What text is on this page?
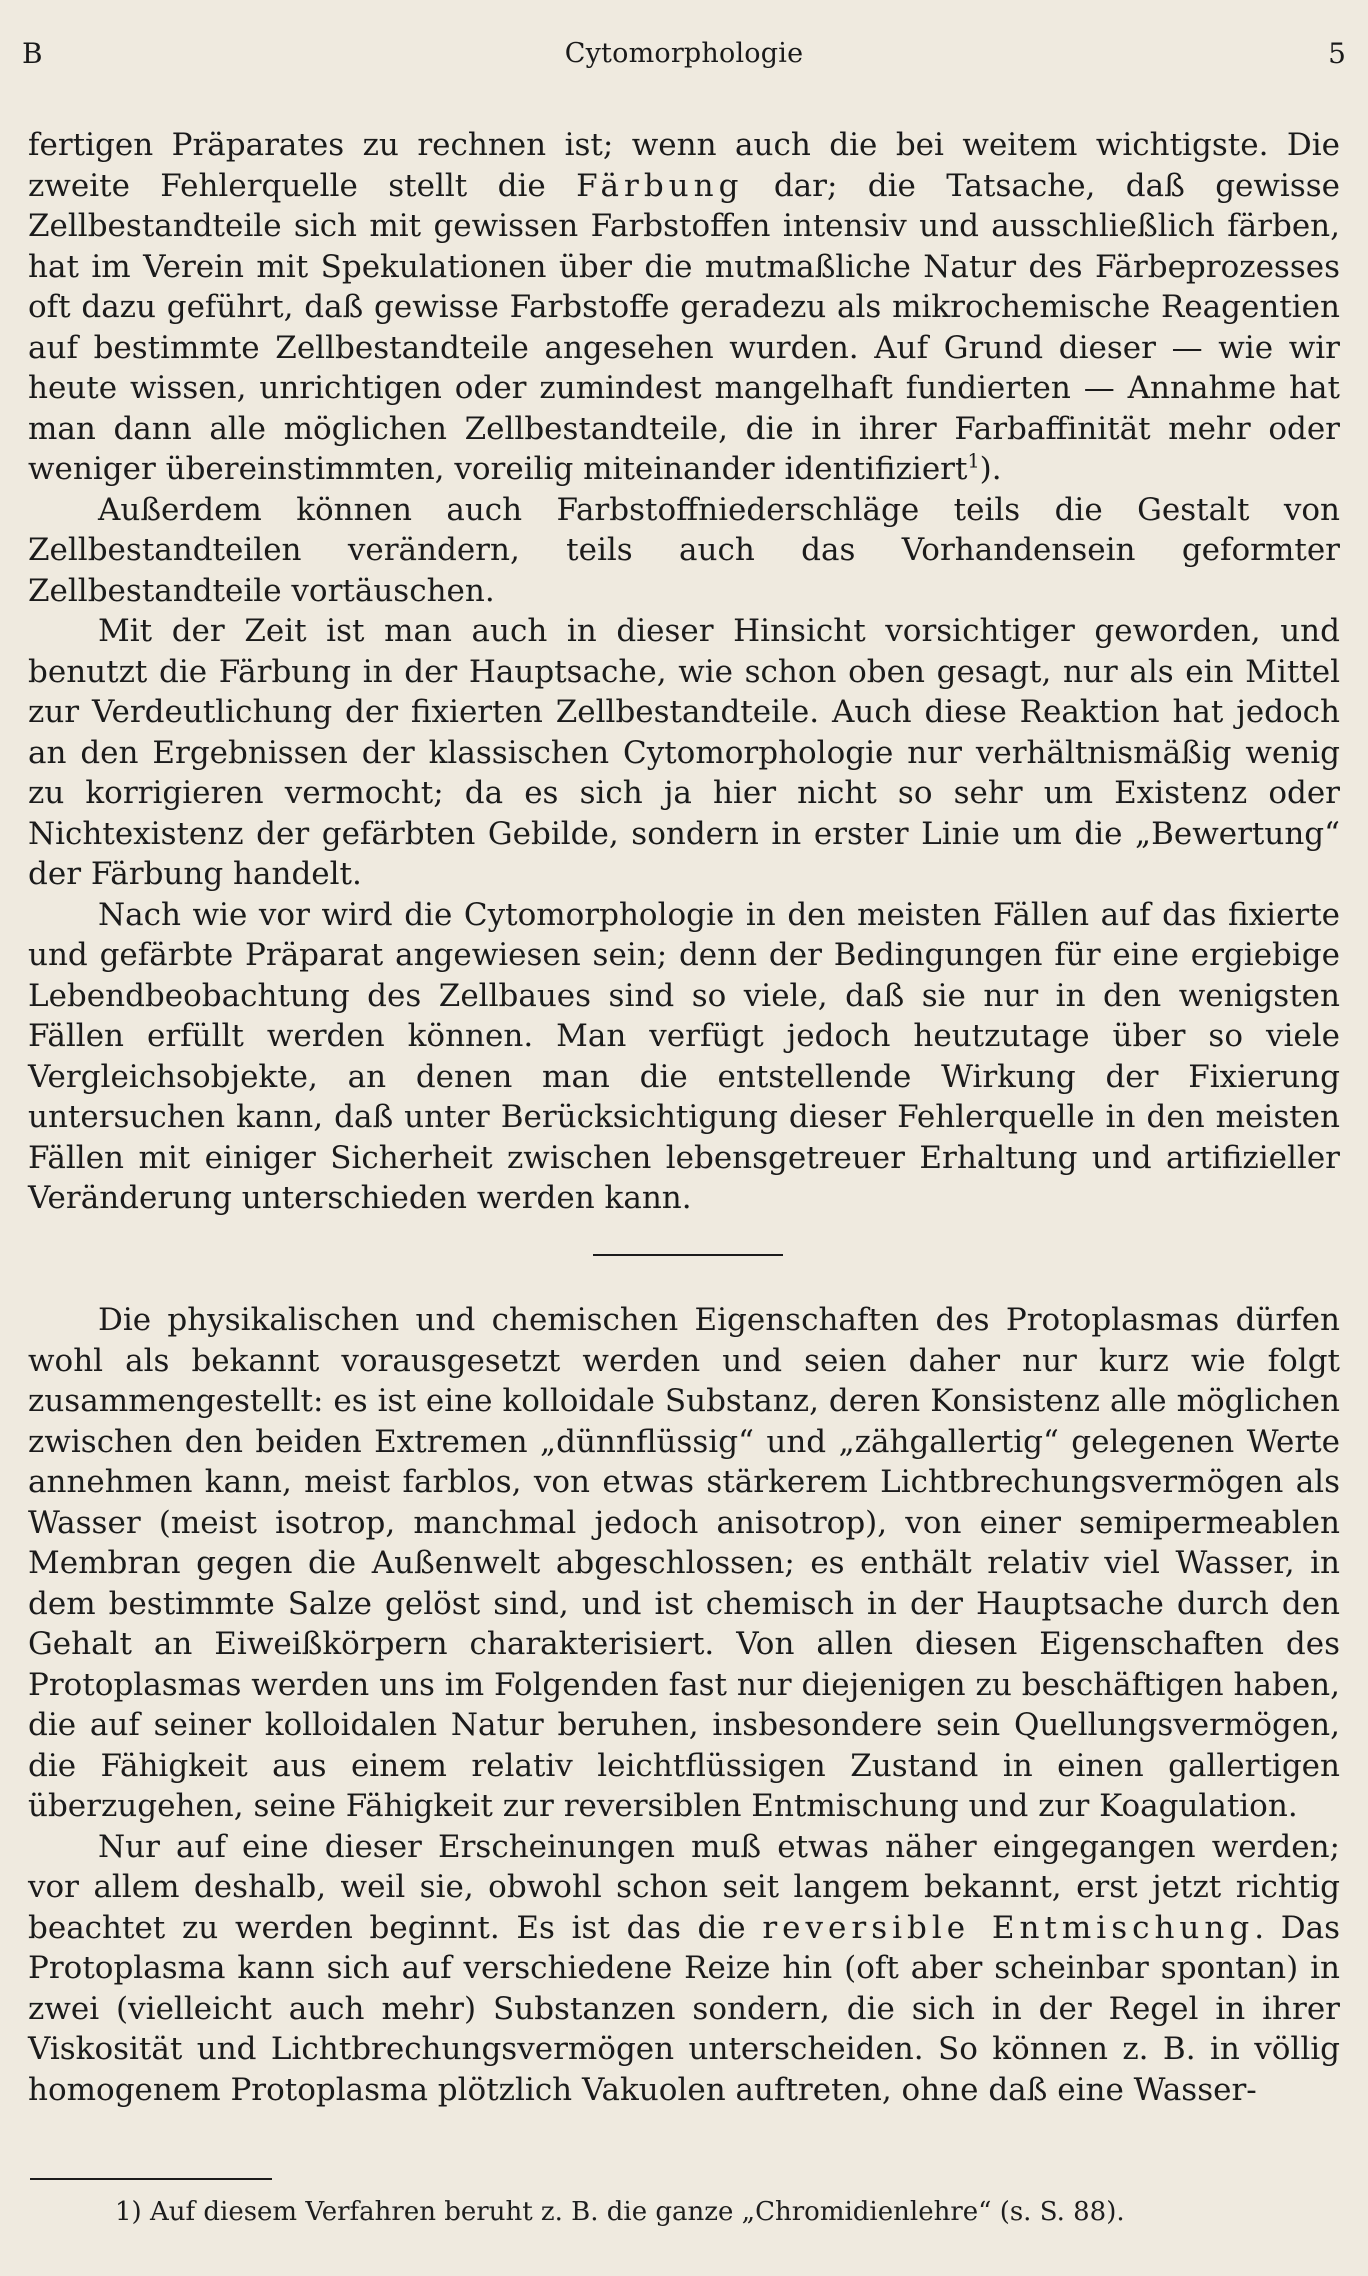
B	Cytomorphologie	5

fertigen Präparates zu rechnen ist; wenn auch die bei weitem wichtigste. Die zweite Fehlerquelle stellt die Färbung dar; die Tatsache, daß gewisse Zellbestandteile sich mit gewissen Farbstoffen intensiv und ausschließlich färben, hat im Verein mit Spekulationen über die mutmaßliche Natur des Färbeprozesses oft dazu geführt, daß gewisse Farbstoffe geradezu als mikrochemische Reagentien auf bestimmte Zellbestandteile angesehen wurden. Auf Grund dieser — wie wir heute wissen, unrichtigen oder zumindest mangelhaft fundierten — Annahme hat man dann alle möglichen Zellbestandteile, die in ihrer Farbaffinität mehr oder weniger übereinstimmten, voreilig miteinander identifiziert$^1$).

Außerdem können auch Farbstoffniederschläge teils die Gestalt von Zellbestandteilen verändern, teils auch das Vorhandensein geformter Zellbestandteile vortäuschen.

Mit der Zeit ist man auch in dieser Hinsicht vorsichtiger geworden, und benutzt die Färbung in der Hauptsache, wie schon oben gesagt, nur als ein Mittel zur Verdeutlichung der fixierten Zellbestandteile. Auch diese Reaktion hat jedoch an den Ergebnissen der klassischen Cytomorphologie nur verhältnismäßig wenig zu korrigieren vermocht; da es sich ja hier nicht so sehr um Existenz oder Nichtexistenz der gefärbten Gebilde, sondern in erster Linie um die „Bewertung“ der Färbung handelt.

Nach wie vor wird die Cytomorphologie in den meisten Fällen auf das fixierte und gefärbte Präparat angewiesen sein; denn der Bedingungen für eine ergiebige Lebendbeobachtung des Zellbaues sind so viele, daß sie nur in den wenigsten Fällen erfüllt werden können. Man verfügt jedoch heutzutage über so viele Vergleichsobjekte, an denen man die entstellende Wirkung der Fixierung untersuchen kann, daß unter Berücksichtigung dieser Fehlerquelle in den meisten Fällen mit einiger Sicherheit zwischen lebensgetreuer Erhaltung und artifizieller Veränderung unterschieden werden kann.

Die physikalischen und chemischen Eigenschaften des Protoplasmas dürfen wohl als bekannt vorausgesetzt werden und seien daher nur kurz wie folgt zusammengestellt: es ist eine kolloidale Substanz, deren Konsistenz alle möglichen zwischen den beiden Extremen „dünnflüssig“ und „zähgallertig“ gelegenen Werte annehmen kann, meist farblos, von etwas stärkerem Lichtbrechungsvermögen als Wasser (meist isotrop, manchmal jedoch anisotrop), von einer semipermeablen Membran gegen die Außenwelt abgeschlossen; es enthält relativ viel Wasser, in dem bestimmte Salze gelöst sind, und ist chemisch in der Hauptsache durch den Gehalt an Eiweißkörpern charakterisiert. Von allen diesen Eigenschaften des Protoplasmas werden uns im Folgenden fast nur diejenigen zu beschäftigen haben, die auf seiner kolloidalen Natur beruhen, insbesondere sein Quellungsvermögen, die Fähigkeit aus einem relativ leichtflüssigen Zustand in einen gallertigen überzugehen, seine Fähigkeit zur reversiblen Entmischung und zur Koagulation.

Nur auf eine dieser Erscheinungen muß etwas näher eingegangen werden; vor allem deshalb, weil sie, obwohl schon seit langem bekannt, erst jetzt richtig beachtet zu werden beginnt. Es ist das die reversible Entmischung. Das Protoplasma kann sich auf verschiedene Reize hin (oft aber scheinbar spontan) in zwei (vielleicht auch mehr) Substanzen sondern, die sich in der Regel in ihrer Viskosität und Lichtbrechungsvermögen unterscheiden. So können z. B. in völlig homogenem Protoplasma plötzlich Vakuolen auftreten, ohne daß eine Wasser-

1) Auf diesem Verfahren beruht z. B. die ganze „Chromidienlehre“ (s. S. 88).
